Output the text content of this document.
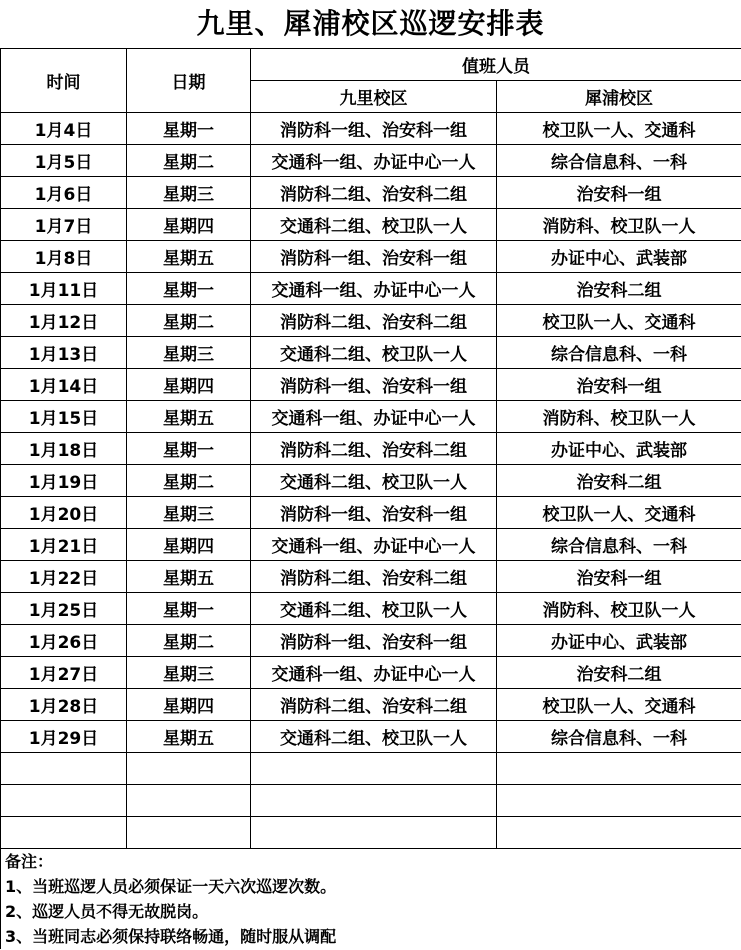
九里、犀浦校区巡逻安排表
时间	日期	值班人员	
		九里校区	犀浦校区
1月4日	星期一	消防科一组、治安科一组	校卫队一人、交通科
1月5日	星期二	交通科一组、办证中心一人	综合信息科、一科
1月6日	星期三	消防科二组、治安科二组	治安科一组
1月7日	星期四	交通科二组、校卫队一人	消防科、校卫队一人
1月8日	星期五	消防科一组、治安科一组	办证中心、武装部
1月11日	星期一	交通科一组、办证中心一人	治安科二组
1月12日	星期二	消防科二组、治安科二组	校卫队一人、交通科
1月13日	星期三	交通科二组、校卫队一人	综合信息科、一科
1月14日	星期四	消防科一组、治安科一组	治安科一组
1月15日	星期五	交通科一组、办证中心一人	消防科、校卫队一人
1月18日	星期一	消防科二组、治安科二组	办证中心、武装部
1月19日	星期二	交通科二组、校卫队一人	治安科二组
1月20日	星期三	消防科一组、治安科一组	校卫队一人、交通科
1月21日	星期四	交通科一组、办证中心一人	综合信息科、一科
1月22日	星期五	消防科二组、治安科二组	治安科一组
1月25日	星期一	交通科二组、校卫队一人	消防科、校卫队一人
1月26日	星期二	消防科一组、治安科一组	办证中心、武装部
1月27日	星期三	交通科一组、办证中心一人	治安科二组
1月28日	星期四	消防科二组、治安科二组	校卫队一人、交通科
1月29日	星期五	交通科二组、校卫队一人	综合信息科、一科

备注：
1、当班巡逻人员必须保证一天六次巡逻次数。
2、巡逻人员不得无故脱岗。
3、当班同志必须保持联络畅通，随时服从调配			
